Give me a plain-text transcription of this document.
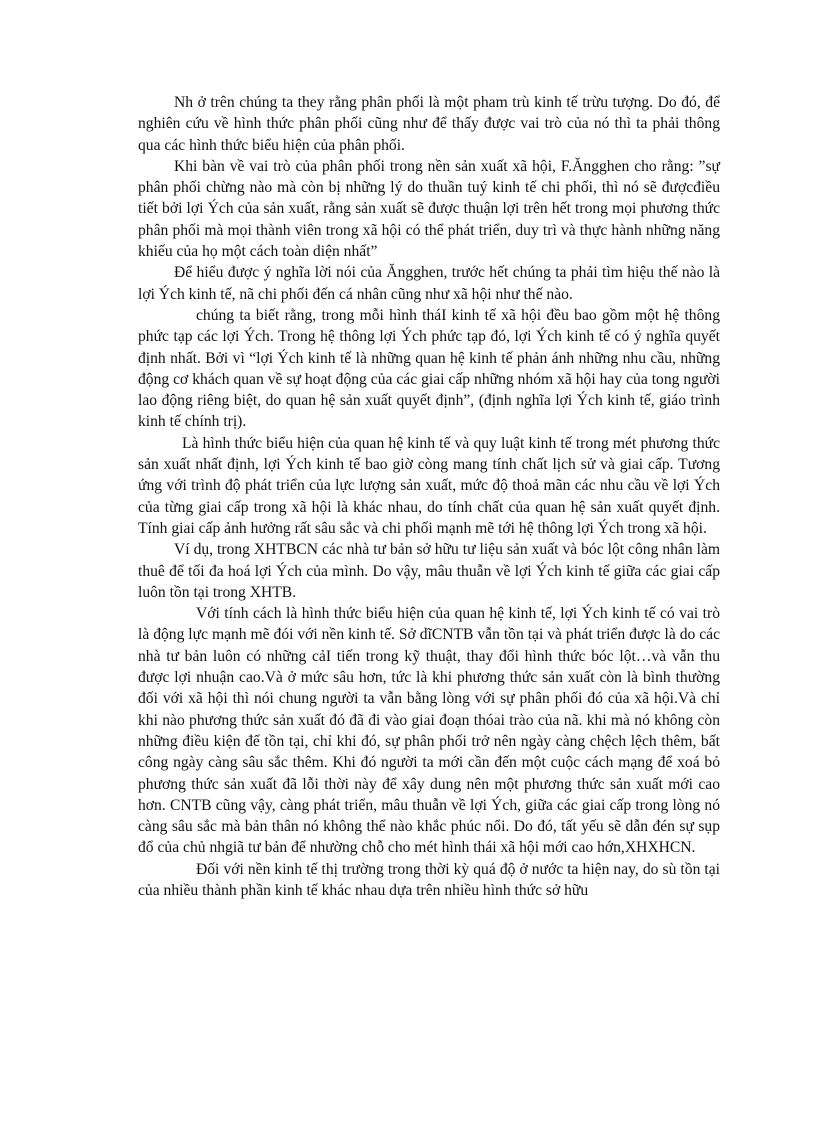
Nh ở trên chúng ta they rằng phân phối là một pham trù kinh tế trừu tượng. Do đó, để nghiên cứu về hình thức phân phối cũng như để thấy được vai trò của nó thì ta phải thông qua các hình thức biểu hiện của phân phối.

Khi bàn về vai trò của phân phối trong nền sản xuất xã hội, F.Ăngghen cho rằng: ”sự phân phối chừng nào mà còn bị những lý do thuần tuý kinh tế chi phối, thì nó sẽ đượcđiều tiết bởi lợi Ých của sản xuất, rằng sản xuất sẽ được thuận lợi trên hết trong mọi phương thức phân phối mà mọi thành viên trong xã hội có thể phát triển, duy trì và thực hành những năng khiếu của họ một cách toàn diện nhất”

Để hiểu được ý nghĩa lời nói của Ăngghen, trước hết chúng ta phải tìm hiệu thế nào là lợi Ých kinh tế, nã chi phối đến cá nhân cũng như xã hội như thế nào.

chúng ta biết rằng, trong mỗi hình tháI kinh tế xã hội đều bao gồm một hệ thông phức tạp các lợi Ých. Trong hệ thông lợi Ých phức tạp đó, lợi Ých kinh tế có ý nghĩa quyết định nhất. Bởi vì “lợi Ých kinh tế là những quan hệ kinh tế phản ánh những nhu cầu, những động cơ khách quan về sự hoạt động của các giai cấp những nhóm xã hội hay của tong người lao động riêng biệt, do quan hệ sản xuất quyết định”, (định nghĩa lợi Ých kinh tế, giáo trình kinh tế chính trị).

Là hình thức biểu hiện của quan hệ kinh tế và quy luật kinh tế trong mét phương thức sản xuất nhất định, lợi Ých kinh tế bao giờ còng mang tính chất lịch sử và giai cấp. Tương ứng với trình độ phát triển của lực lượng sản xuất, mức độ thoả mãn các nhu cầu về lợi Ých của từng giai cấp trong xã hội là khác nhau, do tính chất của quan hệ sản xuất quyết định. Tính giai cấp ảnh hưởng rất sâu sắc và chi phối mạnh mẽ tới hệ thông lợi Ých trong xã hội.

Ví dụ, trong XHTBCN các nhà tư bản sở hữu tư liệu sản xuất và bóc lột công nhân làm thuê để tối đa hoá lợi Ých của mình. Do vậy, mâu thuẫn về lợi Ých kinh tế giữa các giai cấp luôn tồn tại trong XHTB.

Với tính cách là hình thức biểu hiện của quan hệ kinh tế, lợi Ých kinh tế có vai trò là động lực mạnh mẽ đói với nền kinh tế. Sở dĩCNTB vẫn tồn tại và phát triển được là do các nhà tư bản luôn có những cảI tiến trong kỹ thuật, thay đổi hình thức bóc lột…và vẫn thu được lợi nhuận cao.Và ở mức sâu hơn, tức là khi phương thức sản xuất còn là bình thường đối với xã hội thì nói chung người ta vẫn bằng lòng với sự phân phối đó của xã hội.Và chỉ khi nào phương thức sản xuất đó đã đi vào giai đoạn thóai trào của nã. khi mà nó không còn những điều kiện để tồn tại, chỉ khi đó, sự phân phối trở nên ngày càng chệch lệch thêm, bất công ngày càng sâu sắc thêm. Khi đó người ta mới cần đến một cuộc cách mạng để xoá bỏ phương thức sản xuất đã lỗi thời này để xây dung nên một phương thức sản xuất mới cao hơn. CNTB cũng vậy, càng phát triển, mâu thuẫn về lợi Ých, giữa các giai cấp trong lòng nó càng sâu sắc mà bản thân nó không thể nào khắc phúc nổi. Do đó, tất yếu sẽ dẫn đén sự sụp đổ của chủ nhgiã tư bản để nhường chỗ cho mét hình thái xã hội mới cao hớn,XHXHCN.

Đối với nền kinh tế thị trường trong thời kỳ quá độ ở nước ta hiện nay, do sù tồn tại của nhiều thành phần kinh tế khác nhau dựa trên nhiều hình thức sở hữu
